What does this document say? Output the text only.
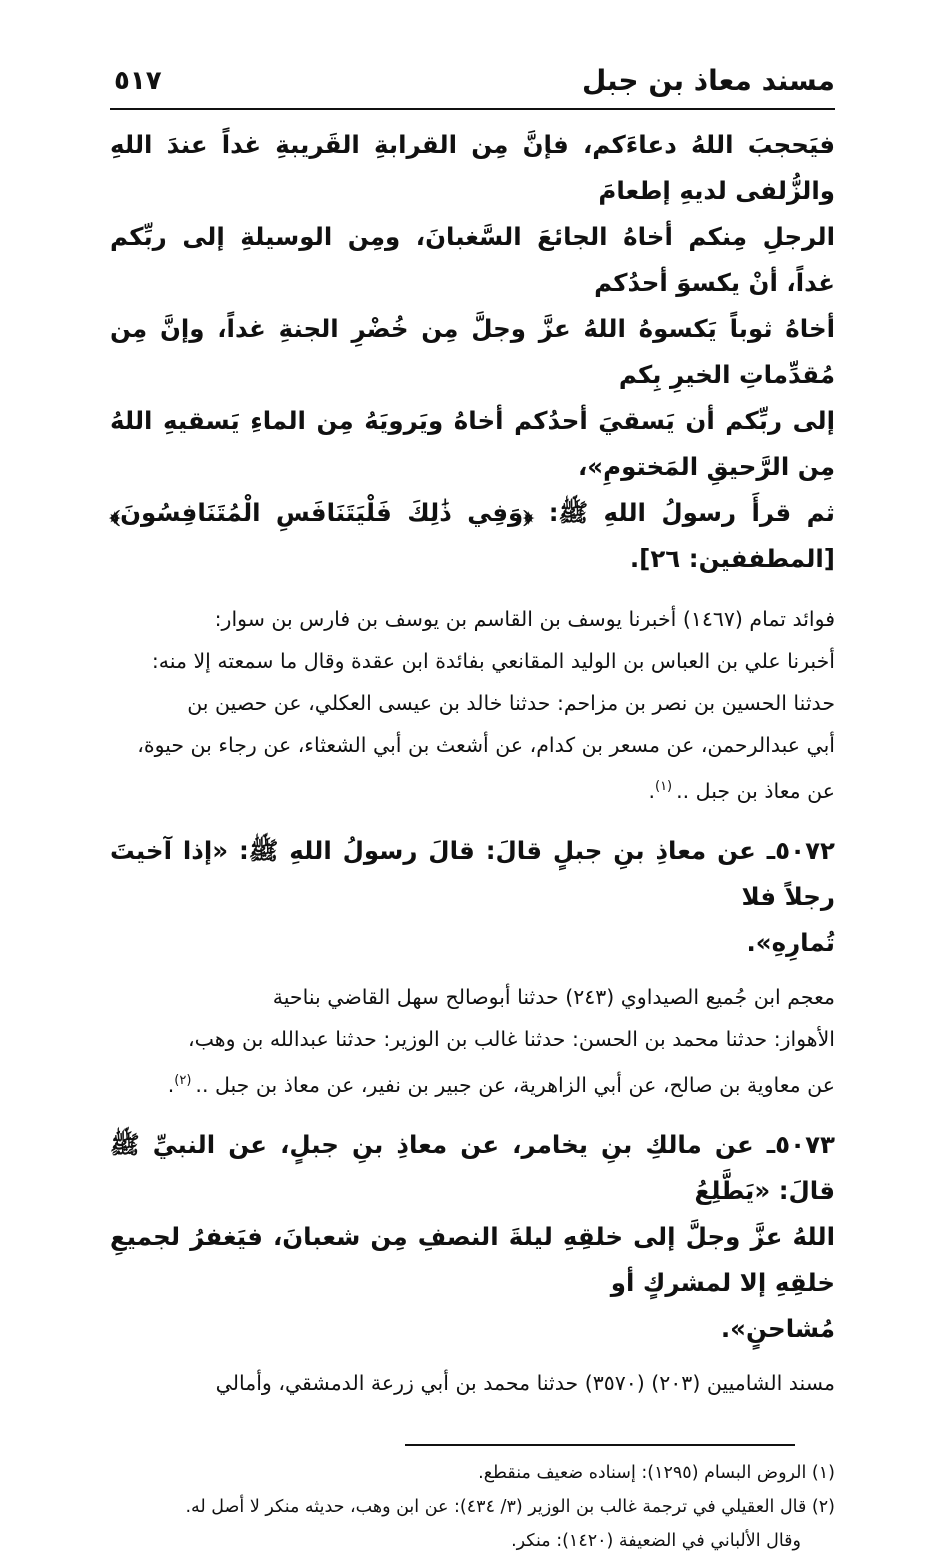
مسند معاذ بن جبل
٥١٧
فيَحجبَ اللهُ دعاءَكم، فإنَّ مِن القرابةِ القَريبةِ غداً عندَ اللهِ والزُّلفى لديهِ إطعامَ
الرجلِ مِنكم أخاهُ الجائعَ السَّغبانَ، ومِن الوسيلةِ إلى ربِّكم غداً، أنْ يكسوَ أحدُكم
أخاهُ ثوباً يَكسوهُ اللهُ عزَّ وجلَّ مِن خُضْرِ الجنةِ غداً، وإنَّ مِن مُقدِّماتِ الخيرِ بِكم
إلى ربِّكم أن يَسقيَ أحدُكم أخاهُ ويَرويَهُ مِن الماءِ يَسقيهِ اللهُ مِن الرَّحيقِ المَختومِ»،
ثم قرأَ رسولُ اللهِ ﷺ: ﴿وَفِي ذَٰلِكَ فَلْيَتَنَافَسِ الْمُتَنَافِسُونَ﴾ [المطففين: ٢٦].
فوائد تمام (١٤٦٧) أخبرنا يوسف بن القاسم بن يوسف بن فارس بن سوار:
أخبرنا علي بن العباس بن الوليد المقانعي بفائدة ابن عقدة وقال ما سمعته إلا منه:
حدثنا الحسين بن نصر بن مزاحم: حدثنا خالد بن عيسى العكلي، عن حصين بن
أبي عبدالرحمن، عن مسعر بن كدام، عن أشعث بن أبي الشعثاء، عن رجاء بن حيوة،
عن معاذ بن جبل ..$^{(١)}$.
٥٠٧٢ـ عن معاذِ بنِ جبلٍ قالَ: قالَ رسولُ اللهِ ﷺ: «إذا آخيتَ رجلاً فلا
تُمارِهِ».
معجم ابن جُميع الصيداوي (٢٤٣) حدثنا أبوصالح سهل القاضي بناحية
الأهواز: حدثنا محمد بن الحسن: حدثنا غالب بن الوزير: حدثنا عبدالله بن وهب،
عن معاوية بن صالح، عن أبي الزاهرية، عن جبير بن نفير، عن معاذ بن جبل ..$^{(٢)}$.
٥٠٧٣ـ عن مالكِ بنِ يخامر، عن معاذِ بنِ جبلٍ، عن النبيِّ ﷺ قالَ: «يَطَّلِعُ
اللهُ عزَّ وجلَّ إلى خلقِهِ ليلةَ النصفِ مِن شعبانَ، فيَغفرُ لجميعِ خلقِهِ إلا لمشركٍ أو
مُشاحنٍ».
مسند الشاميين (٢٠٣) (٣٥٧٠) حدثنا محمد بن أبي زرعة الدمشقي، وأمالي
(١) الروض البسام (١٢٩٥): إسناده ضعيف منقطع.
(٢) قال العقيلي في ترجمة غالب بن الوزير (٣/ ٤٣٤): عن ابن وهب، حديثه منكر لا أصل له.
وقال الألباني في الضعيفة (١٤٢٠): منكر.
